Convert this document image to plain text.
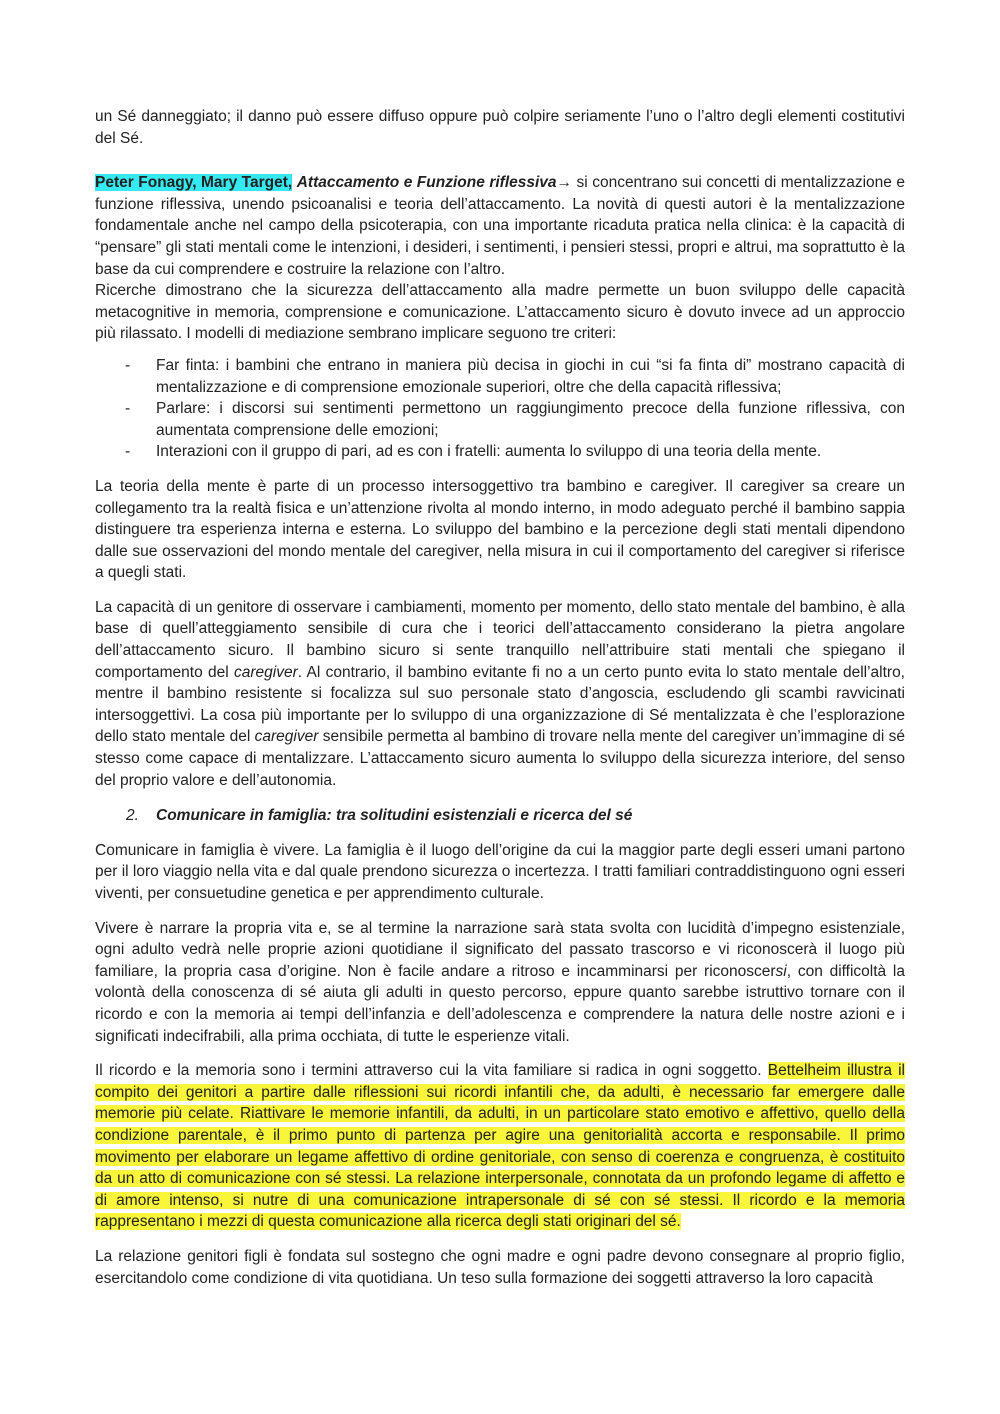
un Sé danneggiato; il danno può essere diffuso oppure può colpire seriamente l’uno o l’altro degli elementi costitutivi del Sé.

Peter Fonagy, Mary Target, Attaccamento e Funzione riflessiva→ si concentrano sui concetti di mentalizzazione e funzione riflessiva, unendo psicoanalisi e teoria dell’attaccamento. La novità di questi autori è la mentalizzazione fondamentale anche nel campo della psicoterapia, con una importante ricaduta pratica nella clinica: è la capacità di “pensare” gli stati mentali come le intenzioni, i desideri, i sentimenti, i pensieri stessi, propri e altrui, ma soprattutto è la base da cui comprendere e costruire la relazione con l’altro.

Ricerche dimostrano che la sicurezza dell’attaccamento alla madre permette un buon sviluppo delle capacità metacognitive in memoria, comprensione e comunicazione. L’attaccamento sicuro è dovuto invece ad un approccio più rilassato. I modelli di mediazione sembrano implicare seguono tre criteri:

- Far finta: i bambini che entrano in maniera più decisa in giochi in cui “si fa finta di” mostrano capacità di mentalizzazione e di comprensione emozionale superiori, oltre che della capacità riflessiva;
- Parlare: i discorsi sui sentimenti permettono un raggiungimento precoce della funzione riflessiva, con aumentata comprensione delle emozioni;
- Interazioni con il gruppo di pari, ad es con i fratelli: aumenta lo sviluppo di una teoria della mente.

La teoria della mente è parte di un processo intersoggettivo tra bambino e caregiver. Il caregiver sa creare un collegamento tra la realtà fisica e un’attenzione rivolta al mondo interno, in modo adeguato perché il bambino sappia distinguere tra esperienza interna e esterna. Lo sviluppo del bambino e la percezione degli stati mentali dipendono dalle sue osservazioni del mondo mentale del caregiver, nella misura in cui il comportamento del caregiver si riferisce a quegli stati.

La capacità di un genitore di osservare i cambiamenti, momento per momento, dello stato mentale del bambino, è alla base di quell’atteggiamento sensibile di cura che i teorici dell’attaccamento considerano la pietra angolare dell’attaccamento sicuro. Il bambino sicuro si sente tranquillo nell’attribuire stati mentali che spiegano il comportamento del caregiver. Al contrario, il bambino evitante fi no a un certo punto evita lo stato mentale dell’altro, mentre il bambino resistente si focalizza sul suo personale stato d’angoscia, escludendo gli scambi ravvicinati intersoggettivi. La cosa più importante per lo sviluppo di una organizzazione di Sé mentalizzata è che l’esplorazione dello stato mentale del caregiver sensibile permetta al bambino di trovare nella mente del caregiver un’immagine di sé stesso come capace di mentalizzare. L’attaccamento sicuro aumenta lo sviluppo della sicurezza interiore, del senso del proprio valore e dell’autonomia.

2. Comunicare in famiglia: tra solitudini esistenziali e ricerca del sé

Comunicare in famiglia è vivere. La famiglia è il luogo dell’origine da cui la maggior parte degli esseri umani partono per il loro viaggio nella vita e dal quale prendono sicurezza o incertezza. I tratti familiari contraddistinguono ogni esseri viventi, per consuetudine genetica e per apprendimento culturale.

Vivere è narrare la propria vita e, se al termine la narrazione sarà stata svolta con lucidità d’impegno esistenziale, ogni adulto vedrà nelle proprie azioni quotidiane il significato del passato trascorso e vi riconoscerà il luogo più familiare, la propria casa d’origine. Non è facile andare a ritroso e incamminarsi per riconoscersi, con difficoltà la volontà della conoscenza di sé aiuta gli adulti in questo percorso, eppure quanto sarebbe istruttivo tornare con il ricordo e con la memoria ai tempi dell’infanzia e dell’adolescenza e comprendere la natura delle nostre azioni e i significati indecifrabili, alla prima occhiata, di tutte le esperienze vitali.

Il ricordo e la memoria sono i termini attraverso cui la vita familiare si radica in ogni soggetto. Bettelheim illustra il compito dei genitori a partire dalle riflessioni sui ricordi infantili che, da adulti, è necessario far emergere dalle memorie più celate. Riattivare le memorie infantili, da adulti, in un particolare stato emotivo e affettivo, quello della condizione parentale, è il primo punto di partenza per agire una genitorialità accorta e responsabile. Il primo movimento per elaborare un legame affettivo di ordine genitoriale, con senso di coerenza e congruenza, è costituito da un atto di comunicazione con sé stessi. La relazione interpersonale, connotata da un profondo legame di affetto e di amore intenso, si nutre di una comunicazione intrapersonale di sé con sé stessi. Il ricordo e la memoria rappresentano i mezzi di questa comunicazione alla ricerca degli stati originari del sé.

La relazione genitori figli è fondata sul sostegno che ogni madre e ogni padre devono consegnare al proprio figlio, esercitandolo come condizione di vita quotidiana. Un teso sulla formazione dei soggetti attraverso la loro capacità
